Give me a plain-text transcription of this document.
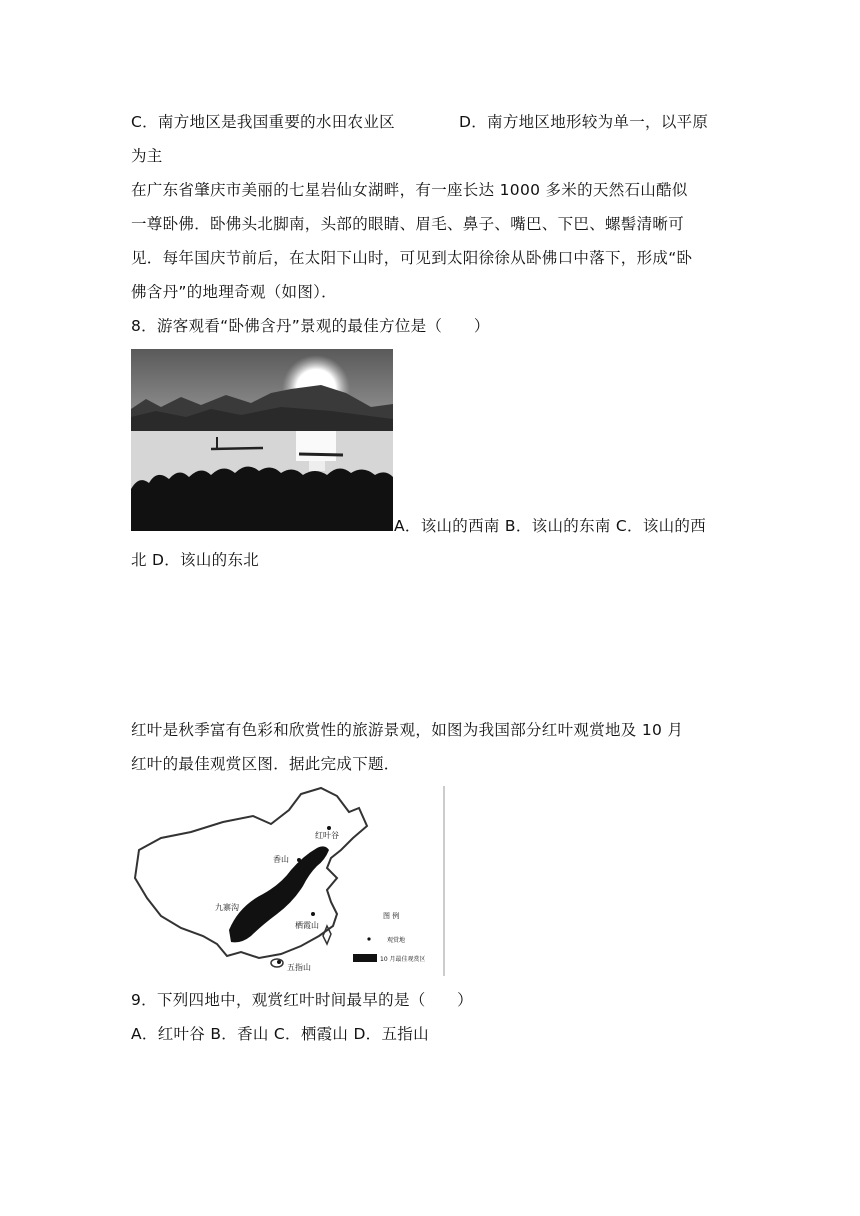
C．南方地区是我国重要的水田农业区	D．南方地区地形较为单一，以平原
为主
在广东省肇庆市美丽的七星岩仙女湖畔，有一座长达 1000 多米的天然石山酷似
一尊卧佛．卧佛头北脚南，头部的眼睛、眉毛、鼻子、嘴巴、下巴、螺髻清晰可
见．每年国庆节前后，在太阳下山时，可见到太阳徐徐从卧佛口中落下，形成“卧
佛含丹”的地理奇观（如图）．
8．游客观看“卧佛含丹”景观的最佳方位是（　　）
A．该山的西南 B．该山的东南 C．该山的西
北 D．该山的东北
红叶是秋季富有色彩和欣赏性的旅游景观，如图为我国部分红叶观赏地及 10 月
红叶的最佳观赏区图．据此完成下题．
红叶谷
香山
九寨沟
栖霞山
五指山
图 例
观赏地
10 月最佳观赏区
9．下列四地中，观赏红叶时间最早的是（　　）
A．红叶谷 B．香山 C．栖霞山 D．五指山
